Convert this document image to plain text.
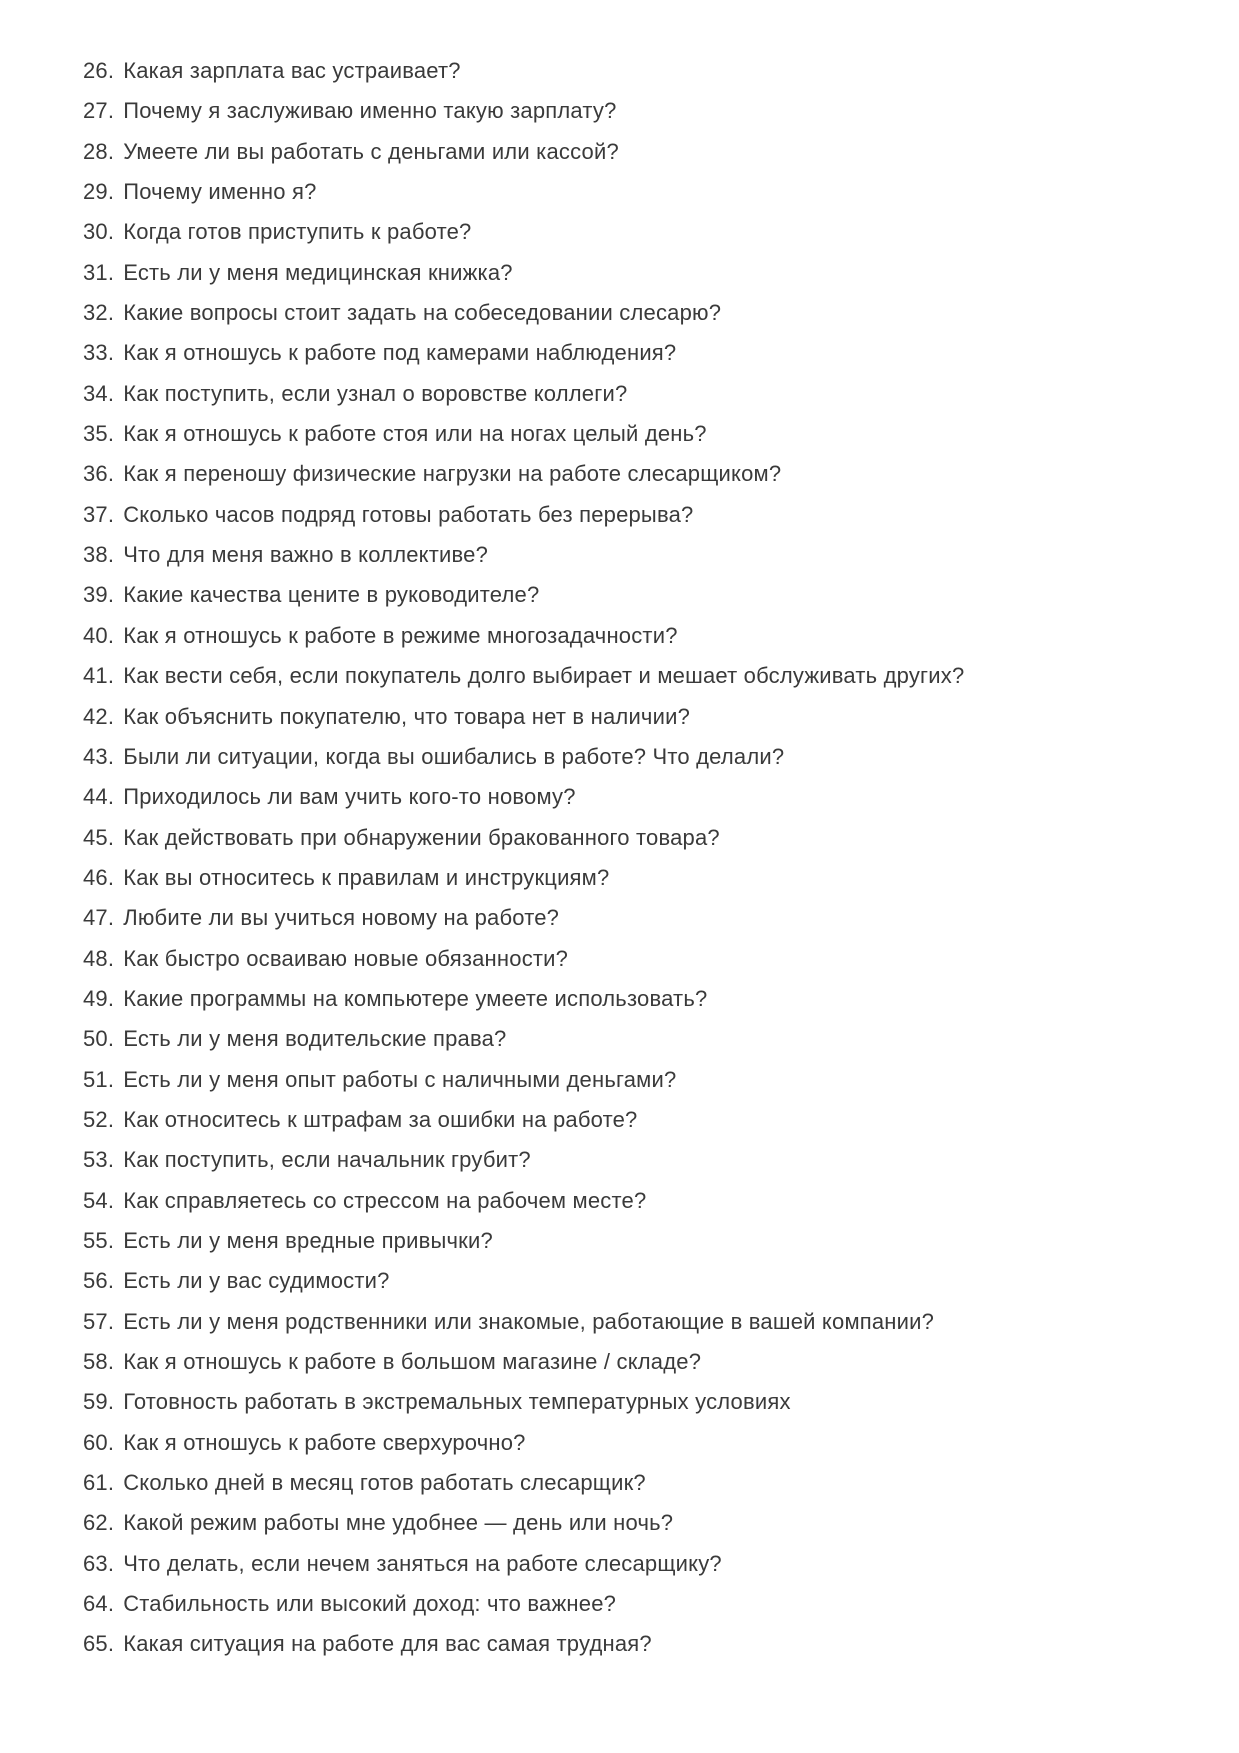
26. Какая зарплата вас устраивает?
27. Почему я заслуживаю именно такую зарплату?
28. Умеете ли вы работать с деньгами или кассой?
29. Почему именно я?
30. Когда готов приступить к работе?
31. Есть ли у меня медицинская книжка?
32. Какие вопросы стоит задать на собеседовании слесарю?
33. Как я отношусь к работе под камерами наблюдения?
34. Как поступить, если узнал о воровстве коллеги?
35. Как я отношусь к работе стоя или на ногах целый день?
36. Как я переношу физические нагрузки на работе слесарщиком?
37. Сколько часов подряд готовы работать без перерыва?
38. Что для меня важно в коллективе?
39. Какие качества цените в руководителе?
40. Как я отношусь к работе в режиме многозадачности?
41. Как вести себя, если покупатель долго выбирает и мешает обслуживать других?
42. Как объяснить покупателю, что товара нет в наличии?
43. Были ли ситуации, когда вы ошибались в работе? Что делали?
44. Приходилось ли вам учить кого-то новому?
45. Как действовать при обнаружении бракованного товара?
46. Как вы относитесь к правилам и инструкциям?
47. Любите ли вы учиться новому на работе?
48. Как быстро осваиваю новые обязанности?
49. Какие программы на компьютере умеете использовать?
50. Есть ли у меня водительские права?
51. Есть ли у меня опыт работы с наличными деньгами?
52. Как относитесь к штрафам за ошибки на работе?
53. Как поступить, если начальник грубит?
54. Как справляетесь со стрессом на рабочем месте?
55. Есть ли у меня вредные привычки?
56. Есть ли у вас судимости?
57. Есть ли у меня родственники или знакомые, работающие в вашей компании?
58. Как я отношусь к работе в большом магазине / складе?
59. Готовность работать в экстремальных температурных условиях
60. Как я отношусь к работе сверхурочно?
61. Сколько дней в месяц готов работать слесарщик?
62. Какой режим работы мне удобнее — день или ночь?
63. Что делать, если нечем заняться на работе слесарщику?
64. Стабильность или высокий доход: что важнее?
65. Какая ситуация на работе для вас самая трудная?
